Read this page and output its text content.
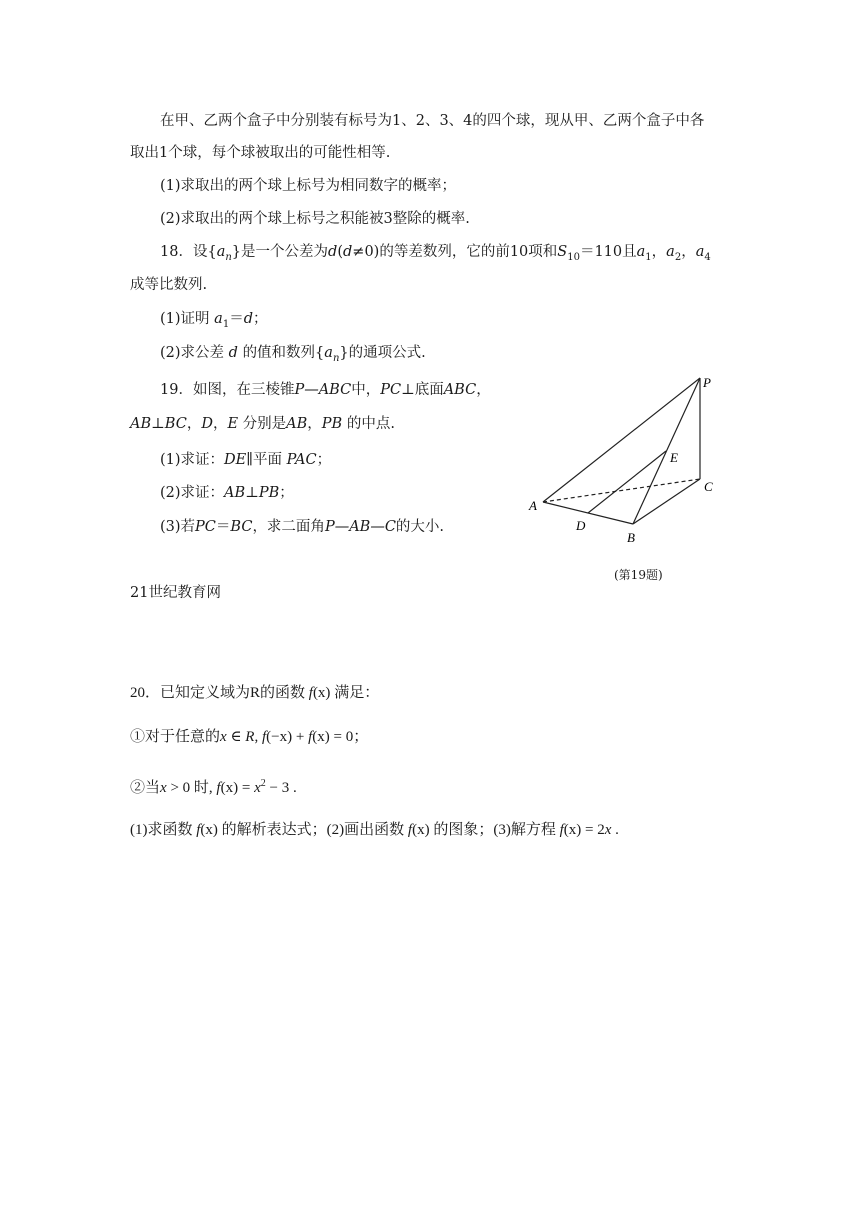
在甲、乙两个盒子中分别装有标号为1、2、3、4的四个球，现从甲、乙两个盒子中各
取出1个球，每个球被取出的可能性相等.
(1)求取出的两个球上标号为相同数字的概率；
(2)求取出的两个球上标号之积能被3整除的概率.
18．设$\{a_n\}$是一个公差为d(d≠0)的等差数列，它的前10项和$S_{10}=110$且$a_1$，$a_2$，$a_4$
成等比数列.
(1)证明 $a_1=d$；
(2)求公差 d 的值和数列$\{a_n\}$的通项公式.
19．如图，在三棱锥P—ABC中，PC⊥底面ABC，
AB⊥BC，D，E 分别是AB，PB 的中点.
(1)求证：DE∥平面 PAC；
(2)求证：AB⊥PB；
(3)若PC＝BC，求二面角P—AB—C的大小.
P
E
C
A
D
B
(第19题)
21世纪教育网
20．已知定义域为R的函数 f(x) 满足：
①对于任意的x ∈ R, f(−x) + f(x) = 0；
②当x > 0 时, $f(x) = x^2 - 3$ .
(1)求函数 f(x) 的解析表达式；(2)画出函数 f(x) 的图象；(3)解方程 f(x) = 2x .
